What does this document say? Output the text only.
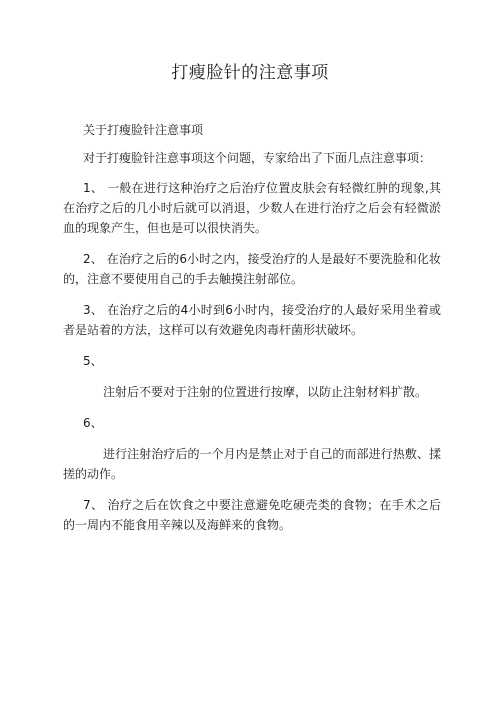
打瘦脸针的注意事项

关于打瘦脸针注意事项

对于打瘦脸针注意事项这个问题，专家给出了下面几点注意事项：

1、 一般在进行这种治疗之后治疗位置皮肤会有轻微红肿的现象,其在治疗之后的几小时后就可以消退，少数人在进行治疗之后会有轻微淤血的现象产生，但也是可以很快消失。

2、 在治疗之后的6小时之内，接受治疗的人是最好不要洗脸和化妆的，注意不要使用自己的手去触摸注射部位。

3、 在治疗之后的4小时到6小时内，接受治疗的人最好采用坐着或者是站着的方法，这样可以有效避免肉毒杆菌形状破坏。

5、

注射后不要对于注射的位置进行按摩，以防止注射材料扩散。

6、

进行注射治疗后的一个月内是禁止对于自己的而部进行热敷、揉搓的动作。

7、 治疗之后在饮食之中要注意避免吃硬壳类的食物；在手术之后的一周内不能食用辛辣以及海鲜来的食物。
